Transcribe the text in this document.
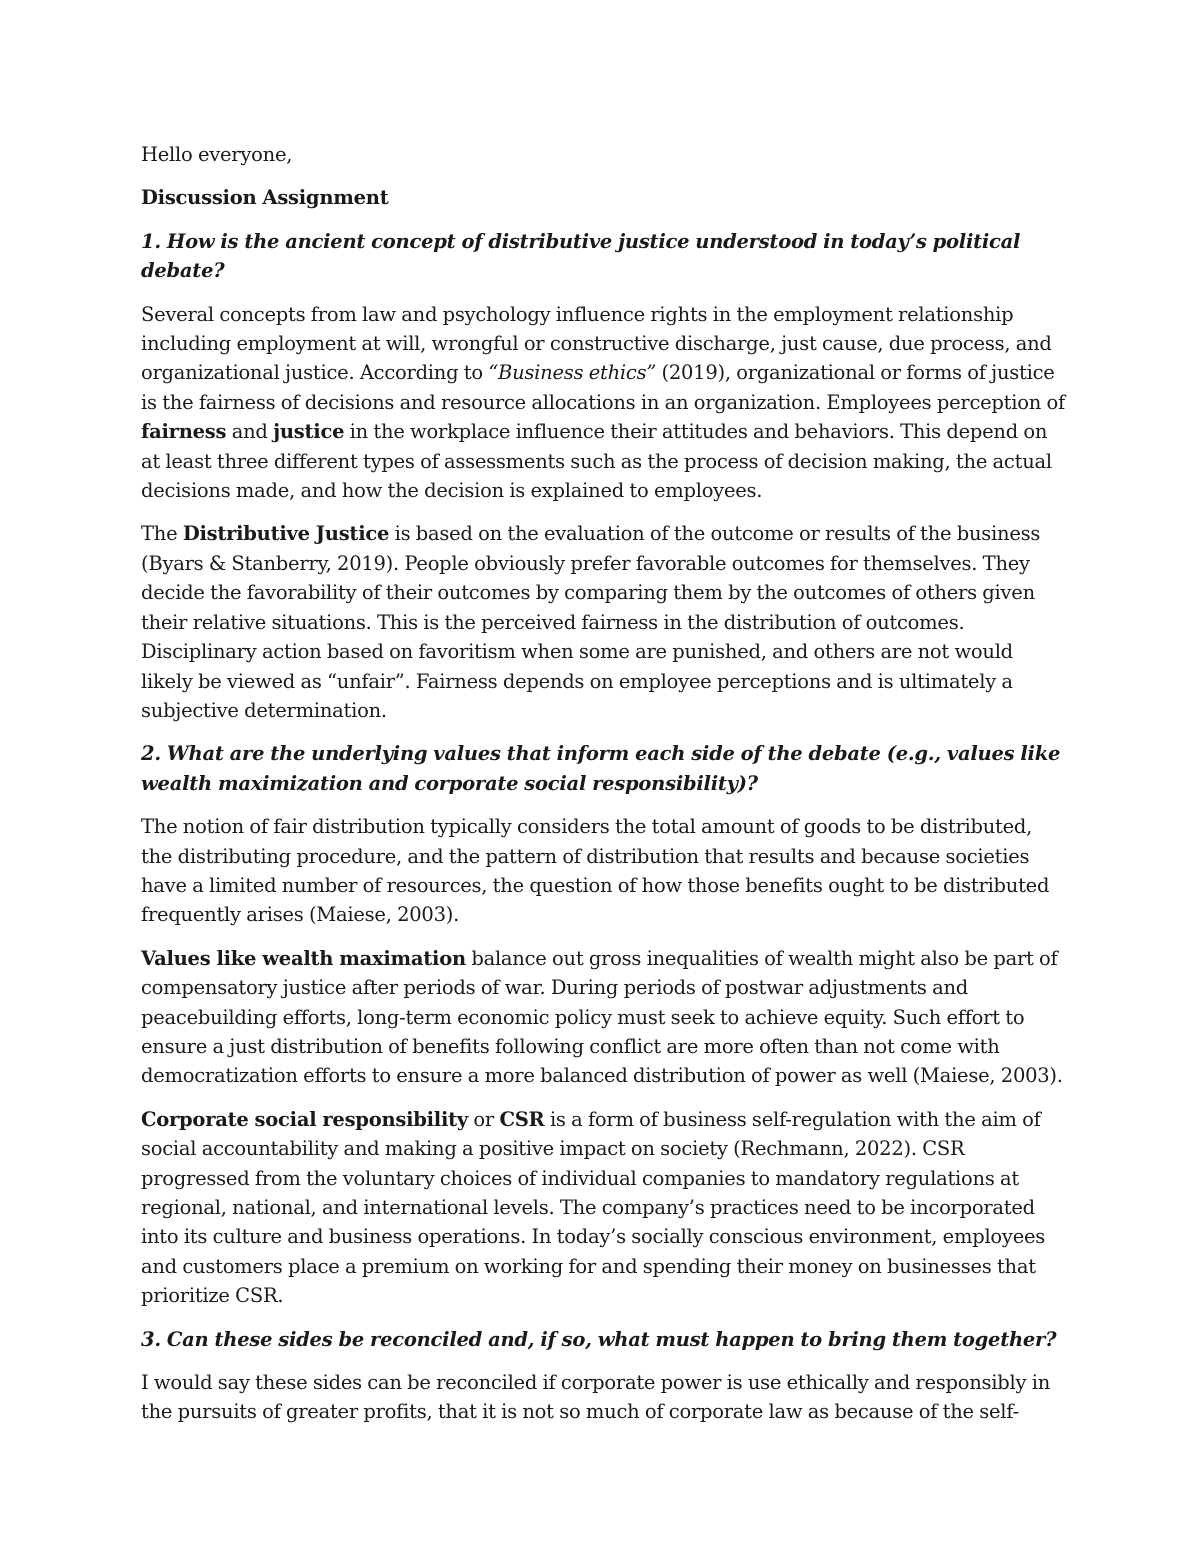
Hello everyone,

Discussion Assignment

1. How is the ancient concept of distributive justice understood in today’s political debate?

Several concepts from law and psychology influence rights in the employment relationship including employment at will, wrongful or constructive discharge, just cause, due process, and organizational justice. According to “Business ethics” (2019), organizational or forms of justice is the fairness of decisions and resource allocations in an organization. Employees perception of fairness and justice in the workplace influence their attitudes and behaviors. This depend on at least three different types of assessments such as the process of decision making, the actual decisions made, and how the decision is explained to employees.

The Distributive Justice is based on the evaluation of the outcome or results of the business (Byars & Stanberry, 2019). People obviously prefer favorable outcomes for themselves. They decide the favorability of their outcomes by comparing them by the outcomes of others given their relative situations. This is the perceived fairness in the distribution of outcomes. Disciplinary action based on favoritism when some are punished, and others are not would likely be viewed as “unfair”. Fairness depends on employee perceptions and is ultimately a subjective determination.

2. What are the underlying values that inform each side of the debate (e.g., values like wealth maximization and corporate social responsibility)?

The notion of fair distribution typically considers the total amount of goods to be distributed, the distributing procedure, and the pattern of distribution that results and because societies have a limited number of resources, the question of how those benefits ought to be distributed frequently arises (Maiese, 2003).

Values like wealth maximation balance out gross inequalities of wealth might also be part of compensatory justice after periods of war. During periods of postwar adjustments and peacebuilding efforts, long-term economic policy must seek to achieve equity. Such effort to ensure a just distribution of benefits following conflict are more often than not come with democratization efforts to ensure a more balanced distribution of power as well (Maiese, 2003).

Corporate social responsibility or CSR is a form of business self-regulation with the aim of social accountability and making a positive impact on society (Rechmann, 2022). CSR progressed from the voluntary choices of individual companies to mandatory regulations at regional, national, and international levels. The company’s practices need to be incorporated into its culture and business operations. In today’s socially conscious environment, employees and customers place a premium on working for and spending their money on businesses that prioritize CSR.

3. Can these sides be reconciled and, if so, what must happen to bring them together?

I would say these sides can be reconciled if corporate power is use ethically and responsibly in the pursuits of greater profits, that it is not so much of corporate law as because of the self-
